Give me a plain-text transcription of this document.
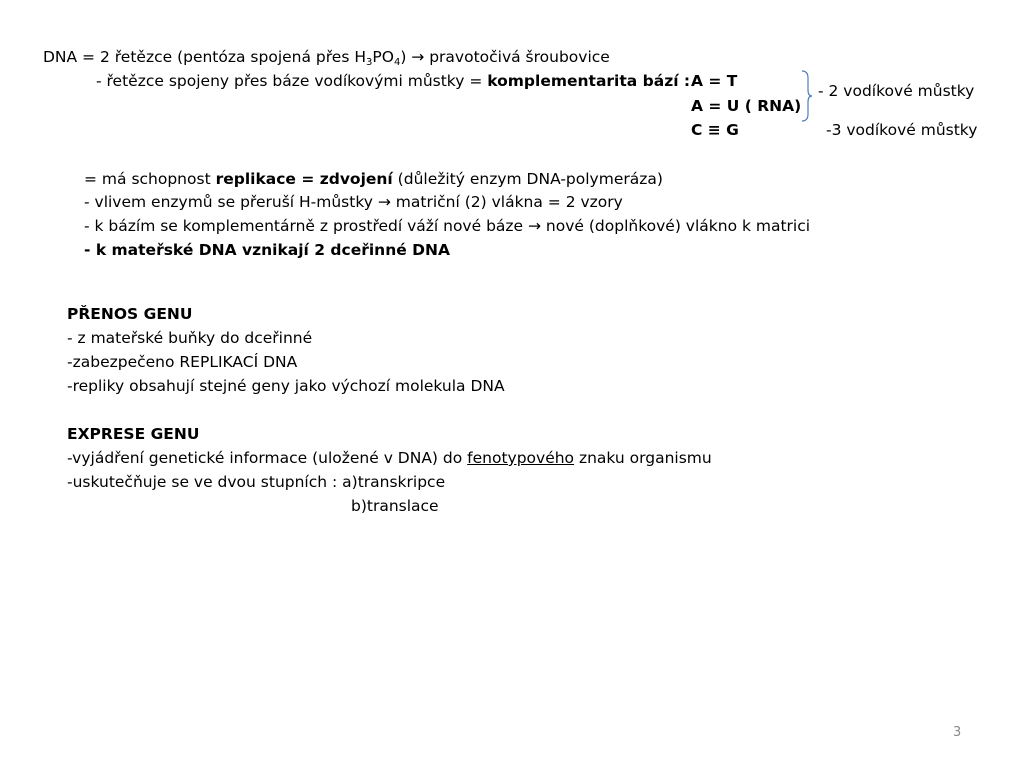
DNA = 2 řetězce (pentóza spojená přes $H_3PO_4$) → pravotočivá šroubovice
- řetězce spojeny přes báze vodíkovými můstky = komplementarita bází : A = T
A = U ( RNA)
C ≡ G
- 2 vodíkové můstky
-3 vodíkové můstky
= má schopnost replikace = zdvojení (důležitý enzym DNA-polymeráza)
- vlivem enzymů se přeruší H-můstky → matriční (2) vlákna = 2 vzory
- k bázím se komplementárně z prostředí váží nové báze → nové (doplňkové) vlákno k matrici
- k mateřské DNA vznikají 2 dceřinné DNA
PŘENOS GENU
- z mateřské buňky do dceřinné
-zabezpečeno REPLIKACÍ DNA
-repliky obsahují stejné geny jako výchozí molekula DNA
EXPRESE GENU
-vyjádření genetické informace (uložené v DNA) do fenotypového znaku organismu
-uskutečňuje se ve dvou stupních : a)transkripce
b)translace
3
